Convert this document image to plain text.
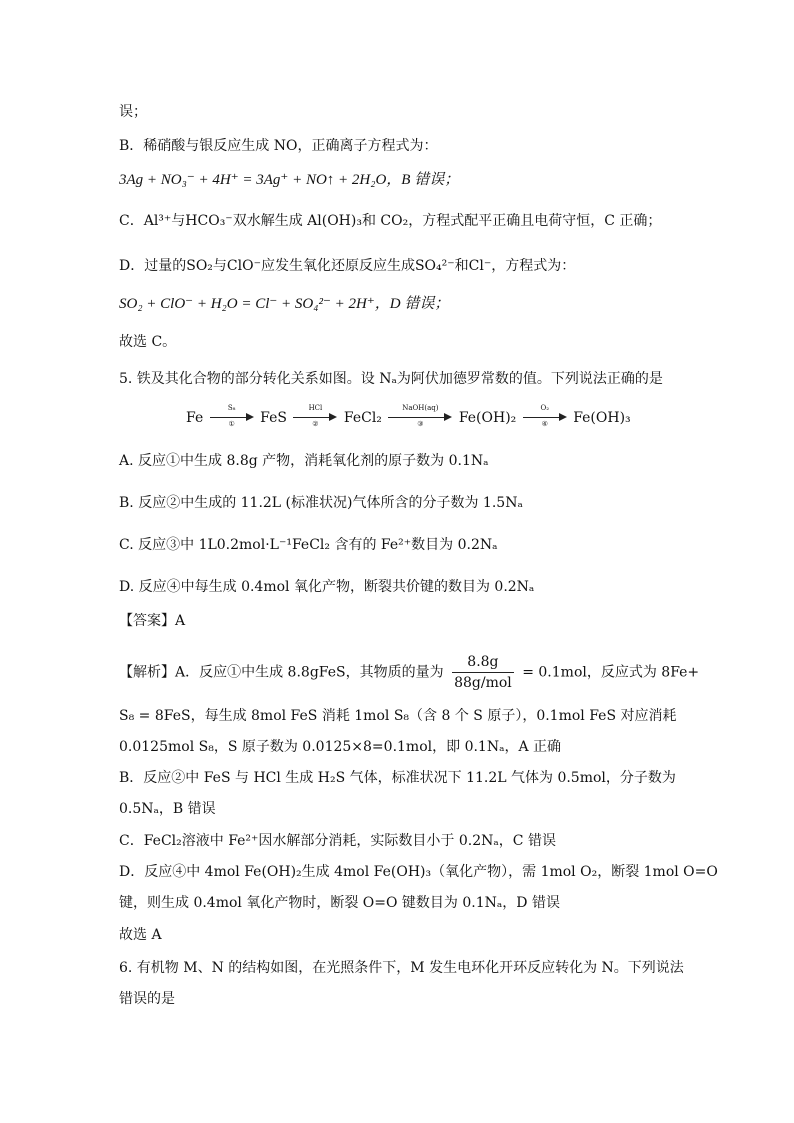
误；
B．稀硝酸与银反应生成 NO，正确离子方程式为：
3Ag + NO₃⁻ + 4H⁺ = 3Ag⁺ + NO↑ + 2H₂O，B 错误；
C．Al³⁺与HCO₃⁻双水解生成 Al(OH)₃和 CO₂，方程式配平正确且电荷守恒，C 正确；
D．过量的SO₂与ClO⁻应发生氧化还原反应生成SO₄²⁻和Cl⁻，方程式为：
SO₂ + ClO⁻ + H₂O = Cl⁻ + SO₄²⁻ + 2H⁺，D 错误；
故选 C。
5. 铁及其化合物的部分转化关系如图。设 Nₐ为阿伏加德罗常数的值。下列说法正确的是
Fe
S₈
①	FeS
HCl
②	FeCl₂
NaOH(aq)
③	Fe(OH)₂
O₂
④	Fe(OH)₃
A. 反应①中生成 8.8g 产物，消耗氧化剂的原子数为 0.1Nₐ
B. 反应②中生成的 11.2L (标准状况)气体所含的分子数为 1.5Nₐ
C. 反应③中 1L0.2mol·L⁻¹FeCl₂ 含有的 Fe²⁺数目为 0.2Nₐ
D. 反应④中每生成 0.4mol 氧化产物，断裂共价键的数目为 0.2Nₐ
【答案】A
【解析】A．反应①中生成 8.8gFeS，其物质的量为 $\frac{8.8g}{\text{88g/mol}} = 0.1mol$，反应式为 8Fe+
S₈ = 8FeS，每生成 8mol FeS 消耗 1mol S₈（含 8 个 S 原子），0.1mol FeS 对应消耗
0.0125mol S₈，S 原子数为 0.0125×8=0.1mol，即 0.1Nₐ，A 正确
B．反应②中 FeS 与 HCl 生成 H₂S 气体，标准状况下 11.2L 气体为 0.5mol，分子数为
0.5Nₐ，B 错误
C．FeCl₂溶液中 Fe²⁺因水解部分消耗，实际数目小于 0.2Nₐ，C 错误
D．反应④中 4mol Fe(OH)₂生成 4mol Fe(OH)₃（氧化产物），需 1mol O₂，断裂 1mol O=O
键，则生成 0.4mol 氧化产物时，断裂 O=O 键数目为 0.1Nₐ，D 错误
故选 A
6. 有机物 M、N 的结构如图，在光照条件下，M 发生电环化开环反应转化为 N。下列说法
错误的是
